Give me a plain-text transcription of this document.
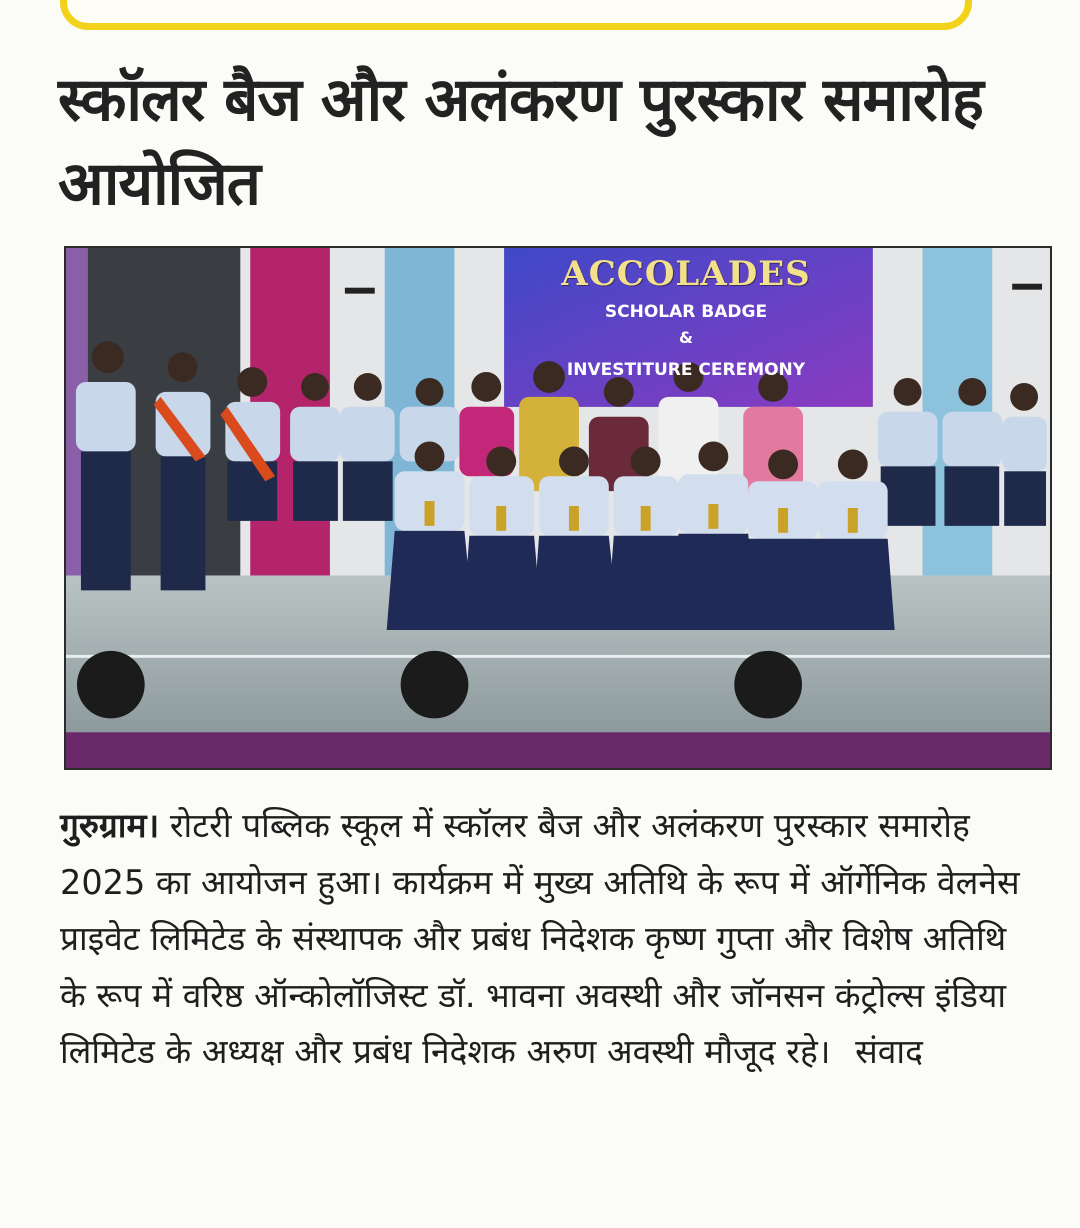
स्कॉलर बैज और अलंकरण पुरस्कार समारोह आयोजित
ACCOLADES
SCHOLAR BADGE
&
INVESTITURE CEREMONY

गुरुग्राम। रोटरी पब्लिक स्कूल में स्कॉलर बैज और अलंकरण पुरस्कार समारोह 2025 का आयोजन हुआ। कार्यक्रम में मुख्य अतिथि के रूप में ऑर्गेनिक वेलनेस प्राइवेट लिमिटेड के संस्थापक और प्रबंध निदेशक कृष्ण गुप्ता और विशेष अतिथि के रूप में वरिष्ठ ऑन्कोलॉजिस्ट डॉ. भावना अवस्थी और जॉनसन कंट्रोल्स इंडिया लिमिटेड के अध्यक्ष और प्रबंध निदेशक अरुण अवस्थी मौजूद रहे। संवाद
